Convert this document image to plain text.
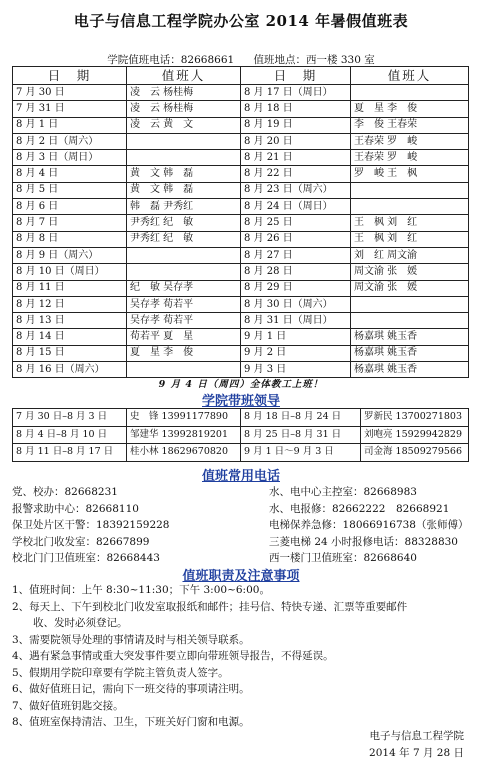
电子与信息工程学院办公室 2014 年暑假值班表
学院值班电话：82668661 值班地点：西一楼 330 室
日　期	值班人	日　期	值班人
7 月 30 日	凌　云 杨桂梅	8 月 17 日（周日）	
7 月 31 日	凌　云 杨桂梅	8 月 18 日	夏　星 李　俊
8 月 1 日	凌　云 黄　文	8 月 19 日	李　俊 王春荣
8 月 2 日（周六）		8 月 20 日	王春荣 罗　峻
8 月 3 日（周日）		8 月 21 日	王春荣 罗　峻
8 月 4 日	黄　文 韩　磊	8 月 22 日	罗　峻 王　枫
8 月 5 日	黄　文 韩　磊	8 月 23 日（周六）	
8 月 6 日	韩　磊 尹秀红	8 月 24 日（周日）	
8 月 7 日	尹秀红 纪　敏	8 月 25 日	王　枫 刘　红
8 月 8 日	尹秀红 纪　敏	8 月 26 日	王　枫 刘　红
8 月 9 日（周六）		8 月 27 日	刘　红 周文渝
8 月 10 日（周日）		8 月 28 日	周文渝 张　媛
8 月 11 日	纪　敏 吴存孝	8 月 29 日	周文渝 张　媛
8 月 12 日	吴存孝 荀若平	8 月 30 日（周六）	
8 月 13 日	吴存孝 荀若平	8 月 31 日（周日）	
8 月 14 日	荀若平 夏　星	9 月 1 日	杨嘉琪 姚玉香
8 月 15 日	夏　星 李　俊	9 月 2 日	杨嘉琪 姚玉香
8 月 16 日（周六）		9 月 3 日	杨嘉琪 姚玉香
9 月 4 日（周四）全体教工上班！
学院带班领导
7 月 30 日–8 月 3 日	史　锋 13991177890	8 月 18 日–8 月 24 日	罗新民 13700271803
8 月 4 日–8 月 10 日	邹建华 13992819201	8 月 25 日–8 月 31 日	刘咆亮 15929942829
8 月 11 日–8 月 17 日	桂小林 18629670820	9 月 1 日～9 月 3 日	司金海 18509279566
值班常用电话
党、校办：82668231	水、电中心主控室：82668983
报警求助中心：82668110	水、电报修：82662222　82668921
保卫处片区干警：18392159228	电梯保养急修：18066916738（张师傅）
学校北门收发室：82667899	三菱电梯 24 小时报修电话：88328830
校北门门卫值班室：82668443	西一楼门卫值班室：82668640
值班职责及注意事项
1、值班时间：上午 8:30~11:30；下午 3:00~6:00。
2、每天上、下午到校北门收发室取报纸和邮件；挂号信、特快专递、汇票等重要邮件
　　收、发时必须登记。
3、需要院领导处理的事情请及时与相关领导联系。
4、遇有紧急事情或重大突发事件要立即向带班领导报告，不得延误。
5、假期用学院印章要有学院主管负责人签字。
6、做好值班日记，需向下一班交待的事项请注明。
7、做好值班钥匙交接。
8、值班室保持清洁、卫生，下班关好门窗和电源。
电子与信息工程学院
2014 年 7 月 28 日
